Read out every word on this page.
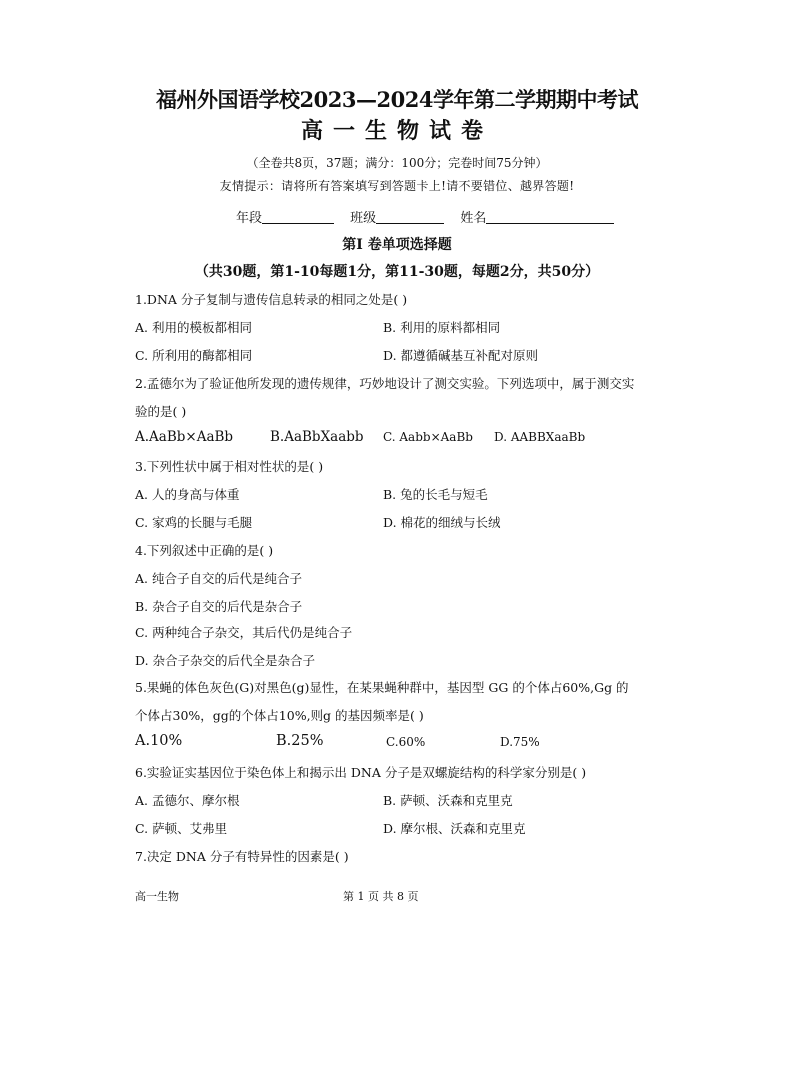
福州外国语学校2023—2024学年第二学期期中考试
高一生物试卷
（全卷共8页，37题；满分：100分；完卷时间75分钟）
友情提示：请将所有答案填写到答题卡上!请不要错位、越界答题!
年段	班级	姓名
第I 卷单项选择题
（共30题，第1-10每题1分，第11-30题，每题2分，共50分）
1.DNA 分子复制与遗传信息转录的相同之处是( )
A. 利用的模板都相同	B. 利用的原料都相同
C. 所利用的酶都相同	D. 都遵循碱基互补配对原则
2.孟德尔为了验证他所发现的遗传规律，巧妙地设计了测交实验。下列选项中，属于测交实
验的是( )
A.AaBb×AaBb	B.AaBbXaabb C. Aabb×AaBb D. AABBXaaBb
3.下列性状中属于相对性状的是( )
A. 人的身高与体重	B. 兔的长毛与短毛
C. 家鸡的长腿与毛腿	D. 棉花的细绒与长绒
4.下列叙述中正确的是( )
A. 纯合子自交的后代是纯合子
B. 杂合子自交的后代是杂合子
C. 两种纯合子杂交，其后代仍是纯合子
D. 杂合子杂交的后代全是杂合子
5.果蝇的体色灰色(G)对黑色(g)显性，在某果蝇种群中，基因型 GG 的个体占60%,Gg 的
个体占30%，gg的个体占10%,则g 的基因频率是( )
A.10%	B.25%	C.60%	D.75%
6.实验证实基因位于染色体上和揭示出 DNA 分子是双螺旋结构的科学家分别是( )
A. 孟德尔、摩尔根	B. 萨顿、沃森和克里克
C. 萨顿、艾弗里	D. 摩尔根、沃森和克里克
7.决定 DNA 分子有特异性的因素是( )
高一生物	第 1 页 共 8 页
